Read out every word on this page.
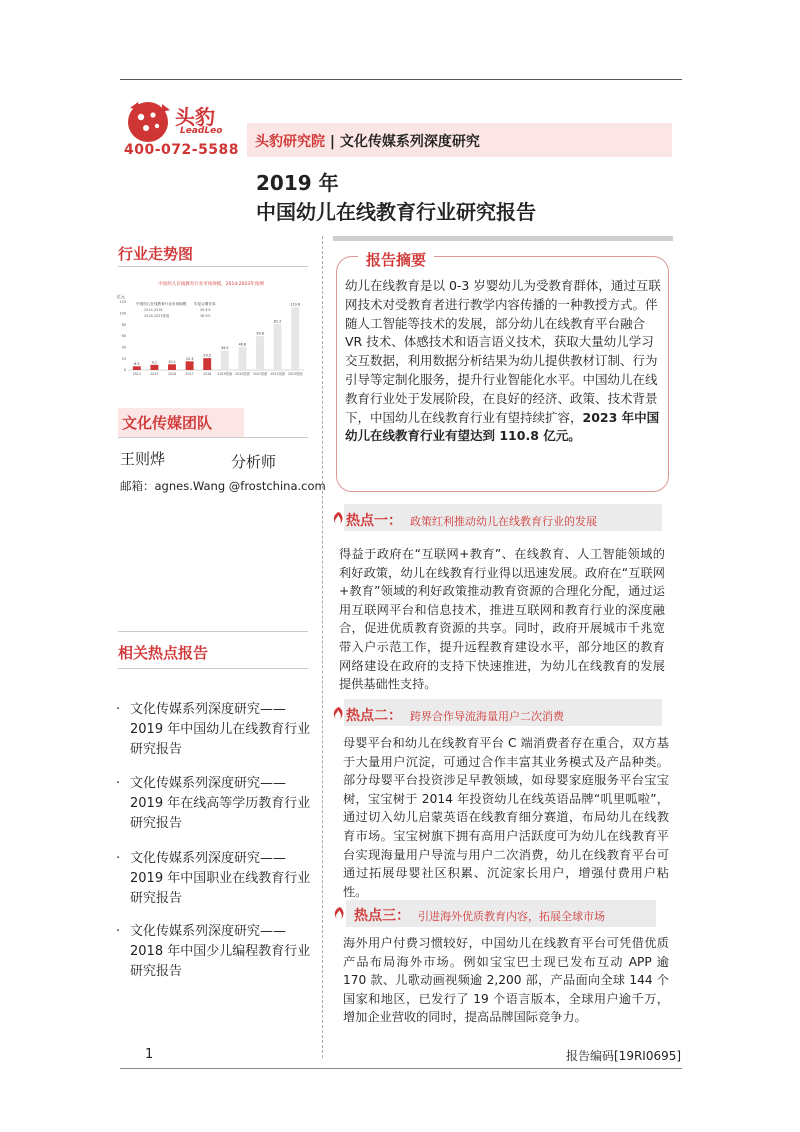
头豹
LeadLeo
400-072-5588 头豹研究院 | 文化传媒系列深度研究
2019 年
中国幼儿在线教育行业研究报告
行业走势图
中国幼儿在线教育行业市场规模，2014-2023年预测
亿元
中国幼儿在线教育行业市场规模 年复合增长率
2014-2018	39.4%
2018-2023预测	38.9%
0
20
40
60
80
100
120
6.5
2014
9.1
2015
10.1
2016
15.3
2017
20.9
2018
34.5
2019预测
40.8
2020预测
59.8
2021预测
81.2
2022预测
110.8
2023预测
文化传媒团队
王则烨	分析师
邮箱：agnes.Wang @frostchina.com
相关热点报告
· 文化传媒系列深度研究——2019 年中国幼儿在线教育行业研究报告
· 文化传媒系列深度研究——2019 年在线高等学历教育行业研究报告
· 文化传媒系列深度研究——2019 年中国职业在线教育行业研究报告
· 文化传媒系列深度研究——2018 年中国少儿编程教育行业研究报告
报告摘要
幼儿在线教育是以 0-3 岁婴幼儿为受教育群体，通过互联网技术对受教育者进行教学内容传播的一种教授方式。伴随人工智能等技术的发展，部分幼儿在线教育平台融合 VR 技术、体感技术和语言语义技术，获取大量幼儿学习交互数据，利用数据分析结果为幼儿提供教材订制、行为引导等定制化服务，提升行业智能化水平。中国幼儿在线教育行业处于发展阶段，在良好的经济、政策、技术背景下，中国幼儿在线教育行业有望持续扩容，2023 年中国幼儿在线教育行业有望达到 110.8 亿元。
热点一： 政策红利推动幼儿在线教育行业的发展
得益于政府在“互联网+教育”、在线教育、人工智能领域的利好政策，幼儿在线教育行业得以迅速发展。政府在“互联网+教育”领域的利好政策推动教育资源的合理化分配，通过运用互联网平台和信息技术，推进互联网和教育行业的深度融合，促进优质教育资源的共享。同时，政府开展城市千兆宽带入户示范工作，提升远程教育建设水平，部分地区的教育网络建设在政府的支持下快速推进，为幼儿在线教育的发展提供基础性支持。
热点二： 跨界合作导流海量用户二次消费
母婴平台和幼儿在线教育平台 C 端消费者存在重合，双方基于大量用户沉淀，可通过合作丰富其业务模式及产品种类。部分母婴平台投资涉足早教领域，如母婴家庭服务平台宝宝树，宝宝树于 2014 年投资幼儿在线英语品牌“叽里呱啦”，通过切入幼儿启蒙英语在线教育细分赛道，布局幼儿在线教育市场。宝宝树旗下拥有高用户活跃度可为幼儿在线教育平台实现海量用户导流与用户二次消费，幼儿在线教育平台可通过拓展母婴社区积累、沉淀家长用户，增强付费用户粘性。
热点三： 引进海外优质教育内容，拓展全球市场
海外用户付费习惯较好，中国幼儿在线教育平台可凭借优质产品布局海外市场。例如宝宝巴士现已发布互动 APP 逾 170 款、儿歌动画视频逾 2,200 部，产品面向全球 144 个国家和地区，已发行了 19 个语言版本，全球用户逾千万，增加企业营收的同时，提高品牌国际竞争力。
1	报告编码[19RI0695]
